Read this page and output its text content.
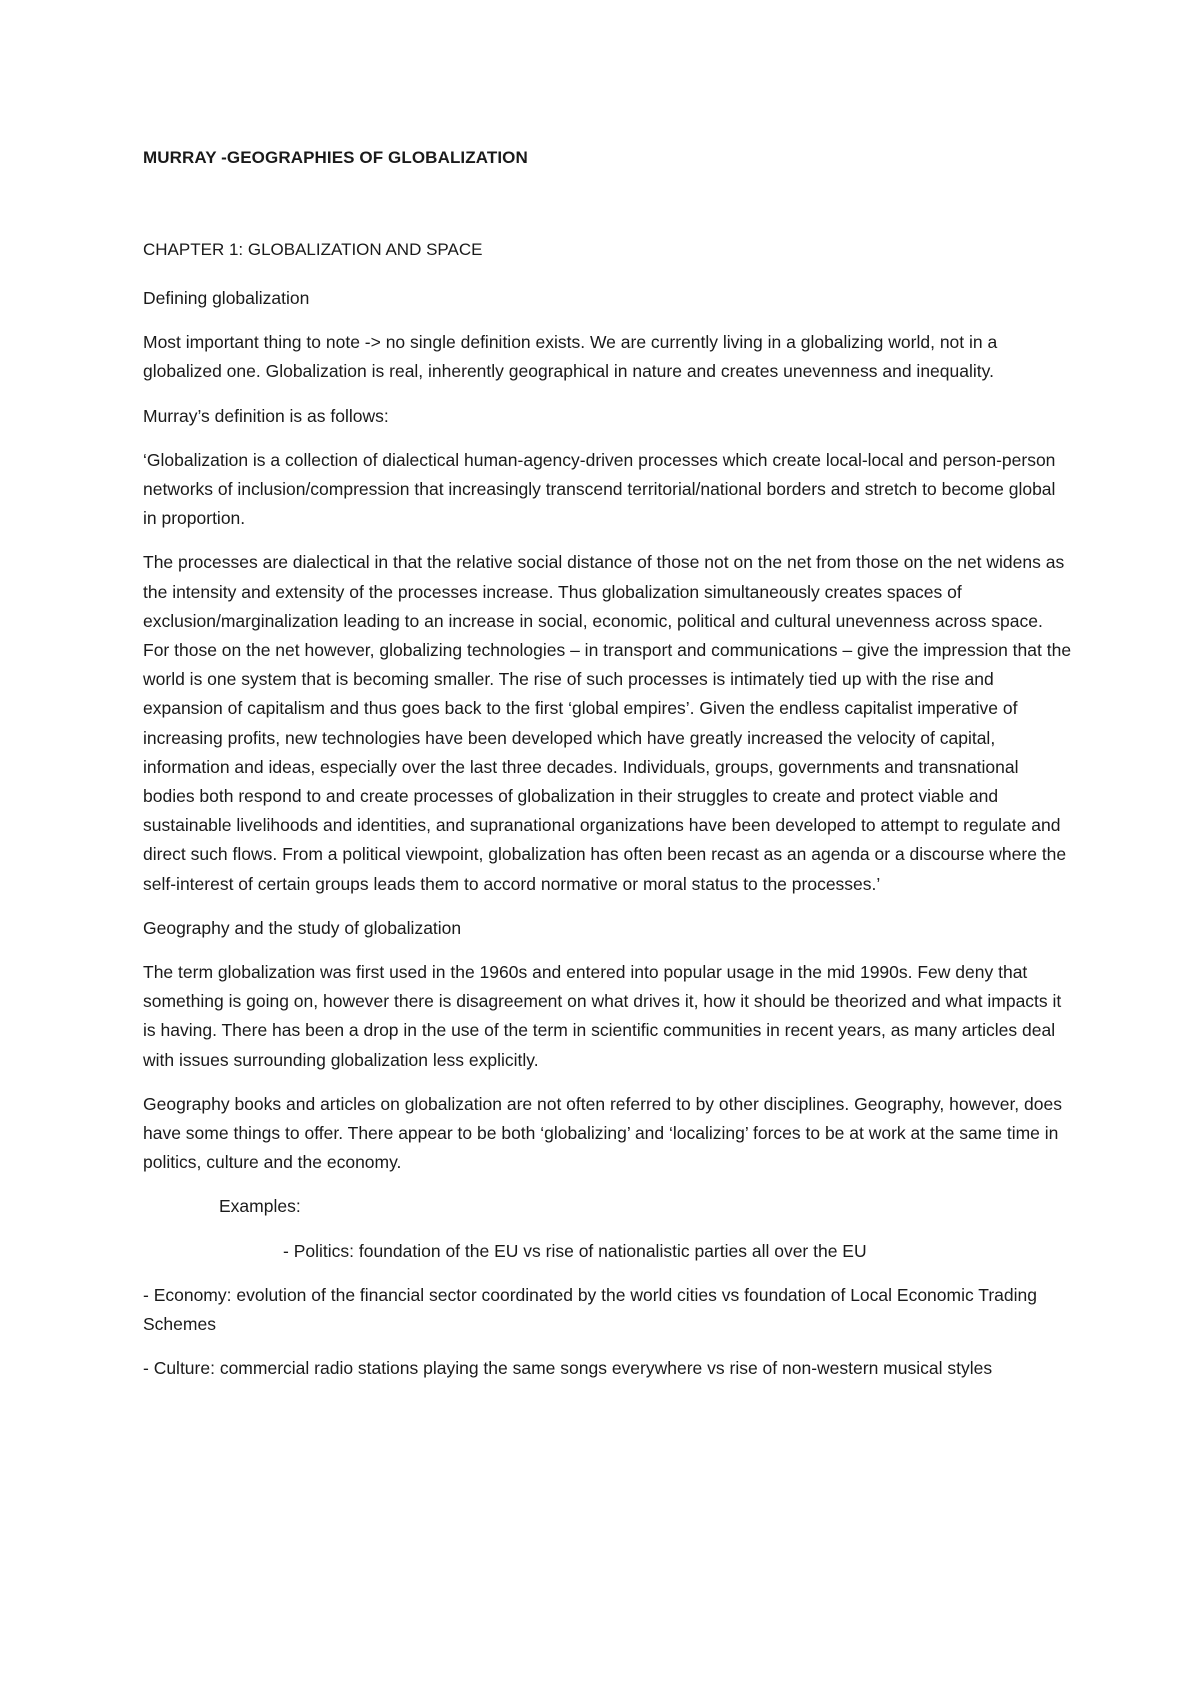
MURRAY -GEOGRAPHIES OF GLOBALIZATION
CHAPTER 1: GLOBALIZATION AND SPACE

Defining globalization

Most important thing to note -> no single definition exists. We are currently living in a globalizing world, not in a globalized one. Globalization is real, inherently geographical in nature and creates unevenness and inequality.

Murray’s definition is as follows:

‘Globalization is a collection of dialectical human-agency-driven processes which create local-local and person-person networks of inclusion/compression that increasingly transcend territorial/national borders and stretch to become global in proportion.

The processes are dialectical in that the relative social distance of those not on the net from those on the net widens as the intensity and extensity of the processes increase. Thus globalization simultaneously creates spaces of exclusion/marginalization leading to an increase in social, economic, political and cultural unevenness across space. For those on the net however, globalizing technologies – in transport and communications – give the impression that the world is one system that is becoming smaller. The rise of such processes is intimately tied up with the rise and expansion of capitalism and thus goes back to the first ‘global empires’. Given the endless capitalist imperative of increasing profits, new technologies have been developed which have greatly increased the velocity of capital, information and ideas, especially over the last three decades. Individuals, groups, governments and transnational bodies both respond to and create processes of globalization in their struggles to create and protect viable and sustainable livelihoods and identities, and supranational organizations have been developed to attempt to regulate and direct such flows. From a political viewpoint, globalization has often been recast as an agenda or a discourse where the self-interest of certain groups leads them to accord normative or moral status to the processes.’

Geography and the study of globalization

The term globalization was first used in the 1960s and entered into popular usage in the mid 1990s. Few deny that something is going on, however there is disagreement on what drives it, how it should be theorized and what impacts it is having. There has been a drop in the use of the term in scientific communities in recent years, as many articles deal with issues surrounding globalization less explicitly.

Geography books and articles on globalization are not often referred to by other disciplines. Geography, however, does have some things to offer. There appear to be both ‘globalizing’ and ‘localizing’ forces to be at work at the same time in politics, culture and the economy.

Examples:

- Politics: foundation of the EU vs rise of nationalistic parties all over the EU

- Economy: evolution of the financial sector coordinated by the world cities vs foundation of Local Economic Trading Schemes

- Culture: commercial radio stations playing the same songs everywhere vs rise of non-western musical styles
